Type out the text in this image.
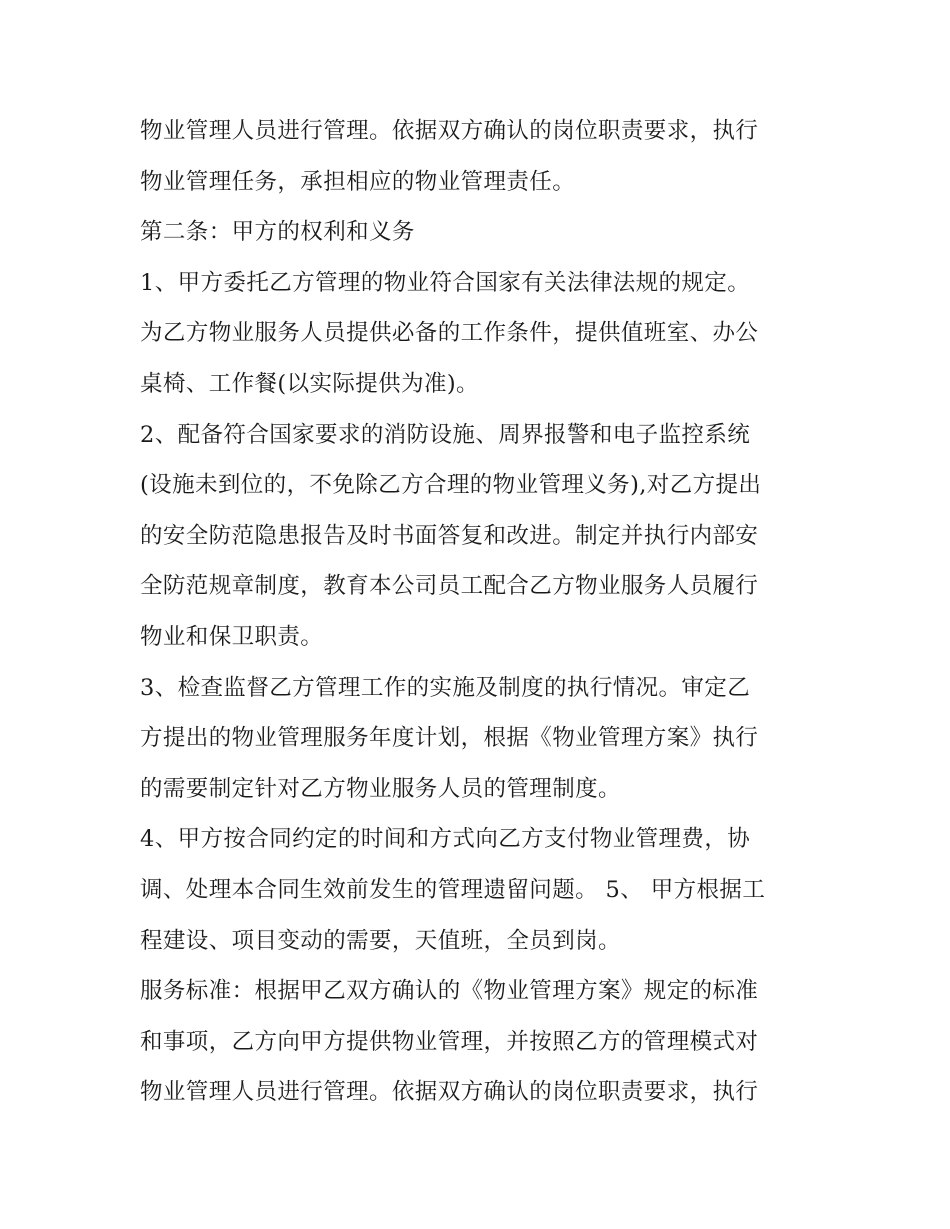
物业管理人员进行管理。依据双方确认的岗位职责要求，执行
物业管理任务，承担相应的物业管理责任。
第二条：甲方的权利和义务
1、甲方委托乙方管理的物业符合国家有关法律法规的规定。
为乙方物业服务人员提供必备的工作条件，提供值班室、办公
桌椅、工作餐(以实际提供为准)。
2、配备符合国家要求的消防设施、周界报警和电子监控系统
(设施未到位的，不免除乙方合理的物业管理义务),对乙方提出
的安全防范隐患报告及时书面答复和改进。制定并执行内部安
全防范规章制度，教育本公司员工配合乙方物业服务人员履行
物业和保卫职责。
3、检查监督乙方管理工作的实施及制度的执行情况。审定乙
方提出的物业管理服务年度计划，根据《物业管理方案》执行
的需要制定针对乙方物业服务人员的管理制度。
4、甲方按合同约定的时间和方式向乙方支付物业管理费，协
调、处理本合同生效前发生的管理遗留问题。 5、 甲方根据工
程建设、项目变动的需要，天值班，全员到岗。
服务标准：根据甲乙双方确认的《物业管理方案》规定的标准
和事项，乙方向甲方提供物业管理，并按照乙方的管理模式对
物业管理人员进行管理。依据双方确认的岗位职责要求，执行
